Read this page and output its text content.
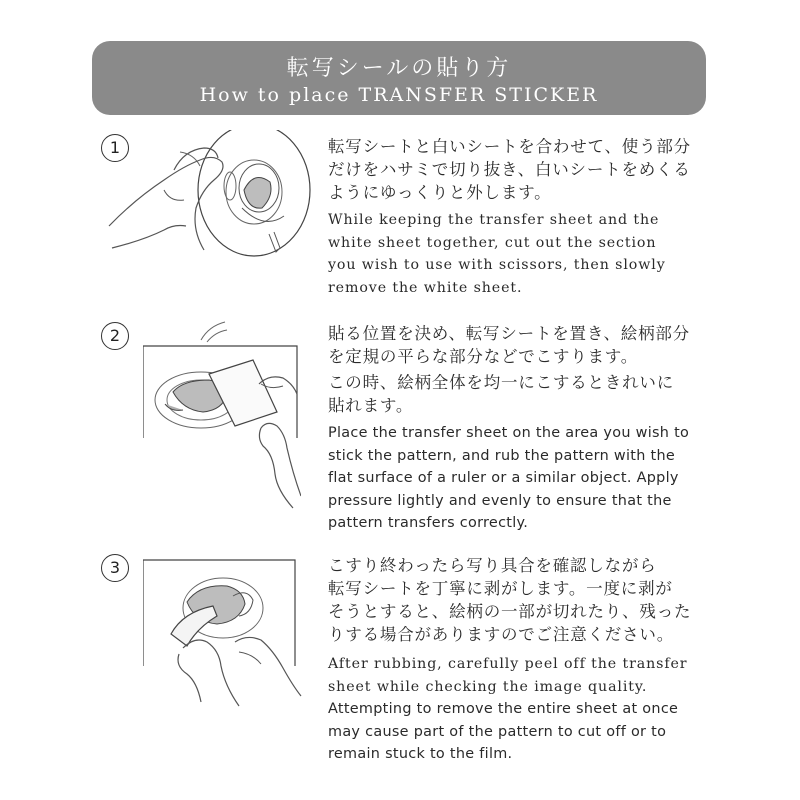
転写シールの貼り方
How to place TRANSFER STICKER
1	転写シートと白いシートを合わせて、使う部分
だけをハサミで切り抜き、白いシートをめくる
ようにゆっくりと外します。
While keeping the transfer sheet and the
white sheet together, cut out the section
you wish to use with scissors, then slowly
remove the white sheet.
2	貼る位置を決め、転写シートを置き、絵柄部分
を定規の平らな部分などでこすります。
この時、絵柄全体を均一にこするときれいに
貼れます。
Place the transfer sheet on the area you wish to
stick the pattern, and rub the pattern with the
flat surface of a ruler or a similar object. Apply
pressure lightly and evenly to ensure that the
pattern transfers correctly.
3	こすり終わったら写り具合を確認しながら
転写シートを丁寧に剥がします。一度に剥が
そうとすると、絵柄の一部が切れたり、残った
りする場合がありますのでご注意ください。
After rubbing, carefully peel off the transfer
sheet while checking the image quality.
Attempting to remove the entire sheet at once
may cause part of the pattern to cut off or to
remain stuck to the film.
